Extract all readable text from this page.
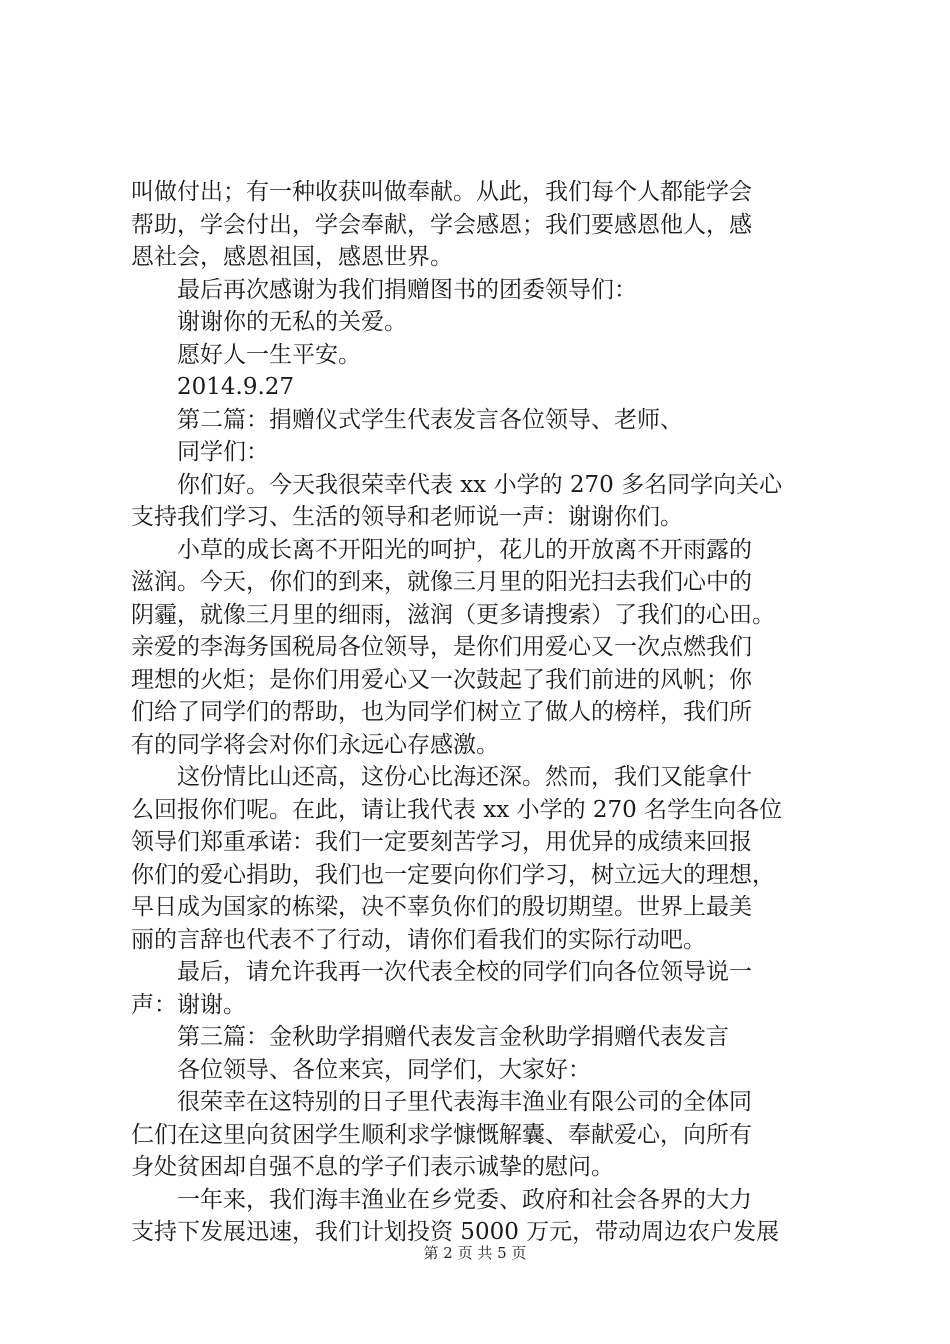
叫做付出；有一种收获叫做奉献。从此，我们每个人都能学会
帮助，学会付出，学会奉献，学会感恩；我们要感恩他人，感
恩社会，感恩祖国，感恩世界。
最后再次感谢为我们捐赠图书的团委领导们：
谢谢你的无私的关爱。
愿好人一生平安。
2014.9.27
第二篇：捐赠仪式学生代表发言各位领导、老师、
同学们：
你们好。今天我很荣幸代表 xx 小学的 270 多名同学向关心
支持我们学习、生活的领导和老师说一声：谢谢你们。
小草的成长离不开阳光的呵护，花儿的开放离不开雨露的
滋润。今天，你们的到来，就像三月里的阳光扫去我们心中的
阴霾，就像三月里的细雨，滋润（更多请搜索）了我们的心田。
亲爱的李海务国税局各位领导，是你们用爱心又一次点燃我们
理想的火炬；是你们用爱心又一次鼓起了我们前进的风帆；你
们给了同学们的帮助，也为同学们树立了做人的榜样，我们所
有的同学将会对你们永远心存感激。
这份情比山还高，这份心比海还深。然而，我们又能拿什
么回报你们呢。在此，请让我代表 xx 小学的 270 名学生向各位
领导们郑重承诺：我们一定要刻苦学习，用优异的成绩来回报
你们的爱心捐助，我们也一定要向你们学习，树立远大的理想，
早日成为国家的栋梁，决不辜负你们的殷切期望。世界上最美
丽的言辞也代表不了行动，请你们看我们的实际行动吧。
最后，请允许我再一次代表全校的同学们向各位领导说一
声：谢谢。
第三篇：金秋助学捐赠代表发言金秋助学捐赠代表发言
各位领导、各位来宾，同学们，大家好：
很荣幸在这特别的日子里代表海丰渔业有限公司的全体同
仁们在这里向贫困学生顺利求学慷慨解囊、奉献爱心，向所有
身处贫困却自强不息的学子们表示诚挚的慰问。
一年来，我们海丰渔业在乡党委、政府和社会各界的大力
支持下发展迅速，我们计划投资 5000 万元，带动周边农户发展
第 2 页 共 5 页
